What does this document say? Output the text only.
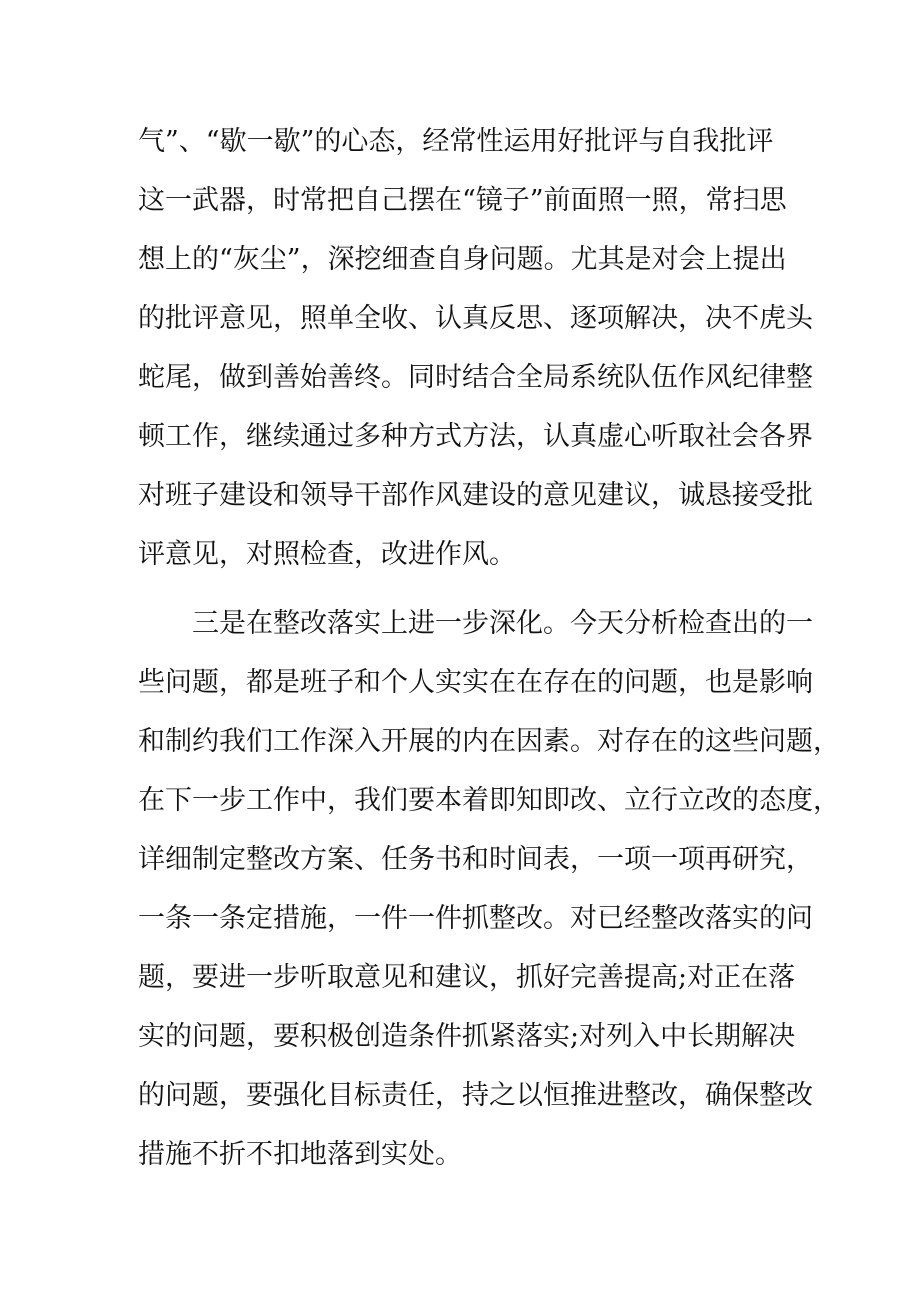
气”、“歇一歇”的心态，经常性运用好批评与自我批评
这一武器，时常把自己摆在“镜子”前面照一照，常扫思
想上的“灰尘”，深挖细查自身问题。尤其是对会上提出
的批评意见，照单全收、认真反思、逐项解决，决不虎头
蛇尾，做到善始善终。同时结合全局系统队伍作风纪律整
顿工作，继续通过多种方式方法，认真虚心听取社会各界
对班子建设和领导干部作风建设的意见建议，诚恳接受批
评意见，对照检查，改进作风。
三是在整改落实上进一步深化。今天分析检查出的一
些问题，都是班子和个人实实在在存在的问题，也是影响
和制约我们工作深入开展的内在因素。对存在的这些问题，
在下一步工作中，我们要本着即知即改、立行立改的态度，
详细制定整改方案、任务书和时间表，一项一项再研究，
一条一条定措施，一件一件抓整改。对已经整改落实的问
题，要进一步听取意见和建议，抓好完善提高;对正在落
实的问题，要积极创造条件抓紧落实;对列入中长期解决
的问题，要强化目标责任，持之以恒推进整改，确保整改
措施不折不扣地落到实处。
